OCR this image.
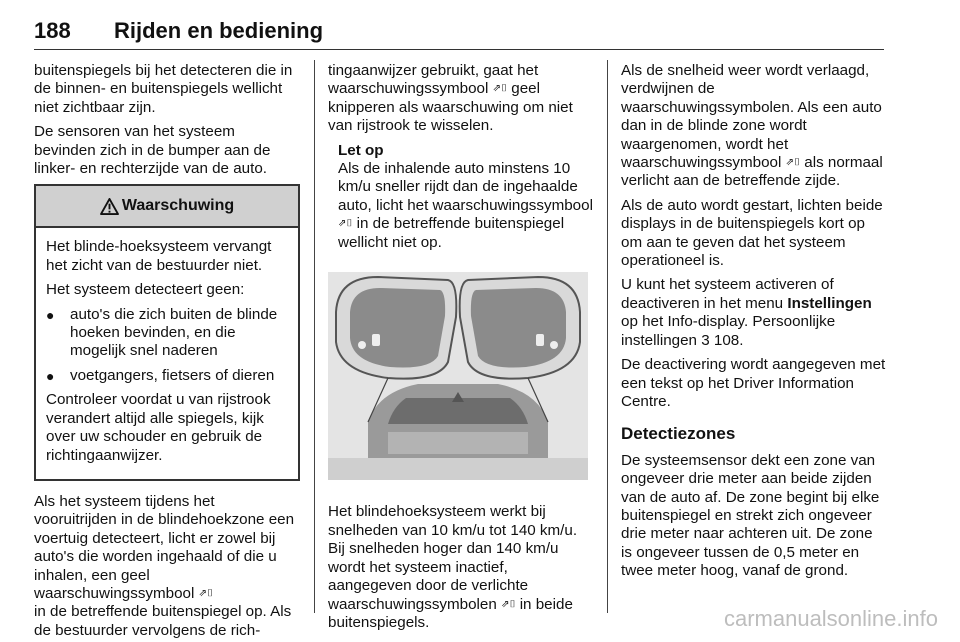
188 Rijden en bediening

buitenspiegels bij het detecteren die in de binnen- en buitenspiegels wellicht niet zichtbaar zijn.

De sensoren van het systeem bevinden zich in de bumper aan de linker- en rechterzijde van de auto.

Waarschuwing

Het blinde-hoeksysteem vervangt het zicht van de bestuurder niet.

Het systeem detecteert geen:

●	auto's die zich buiten de blinde hoeken bevinden, en die mogelijk snel naderen
●	voetgangers, fietsers of dieren

Controleer voordat u van rijstrook verandert altijd alle spiegels, kijk over uw schouder en gebruik de richtingaanwijzer.

Als het systeem tijdens het vooruitrijden in de blindehoekzone een voertuig detecteert, licht er zowel bij auto's die worden ingehaald of die u inhalen, een geel waarschuwingssymbool ⇗⌷
in de betreffende buitenspiegel op. Als de bestuurder vervolgens de rich-

tingaanwijzer gebruikt, gaat het waarschuwingssymbool ⇗⌷ geel knipperen als waarschuwing om niet van rijstrook te wisselen.

Let op
Als de inhalende auto minstens 10 km/u sneller rijdt dan de ingehaalde auto, licht het waarschuwingssymbool ⇗⌷ in de betreffende buitenspiegel wellicht niet op.

Het blindehoeksysteem werkt bij snelheden van 10 km/u tot 140 km/u. Bij snelheden hoger dan 140 km/u wordt het systeem inactief, aangegeven door de verlichte waarschuwingssymbolen ⇗⌷ in beide buitenspiegels.

Als de snelheid weer wordt verlaagd, verdwijnen de waarschuwingssymbolen. Als een auto dan in de blinde zone wordt waargenomen, wordt het waarschuwingssymbool ⇗⌷ als normaal verlicht aan de betreffende zijde.

Als de auto wordt gestart, lichten beide displays in de buitenspiegels kort op om aan te geven dat het systeem operationeel is.

U kunt het systeem activeren of deactiveren in het menu Instellingen op het Info-display. Persoonlijke instellingen 3 108.

De deactivering wordt aangegeven met een tekst op het Driver Information Centre.

Detectiezones

De systeemsensor dekt een zone van ongeveer drie meter aan beide zijden van de auto af. De zone begint bij elke buitenspiegel en strekt zich ongeveer drie meter naar achteren uit. De zone is ongeveer tussen de 0,5 meter en twee meter hoog, vanaf de grond.

carmanualsonline.info
